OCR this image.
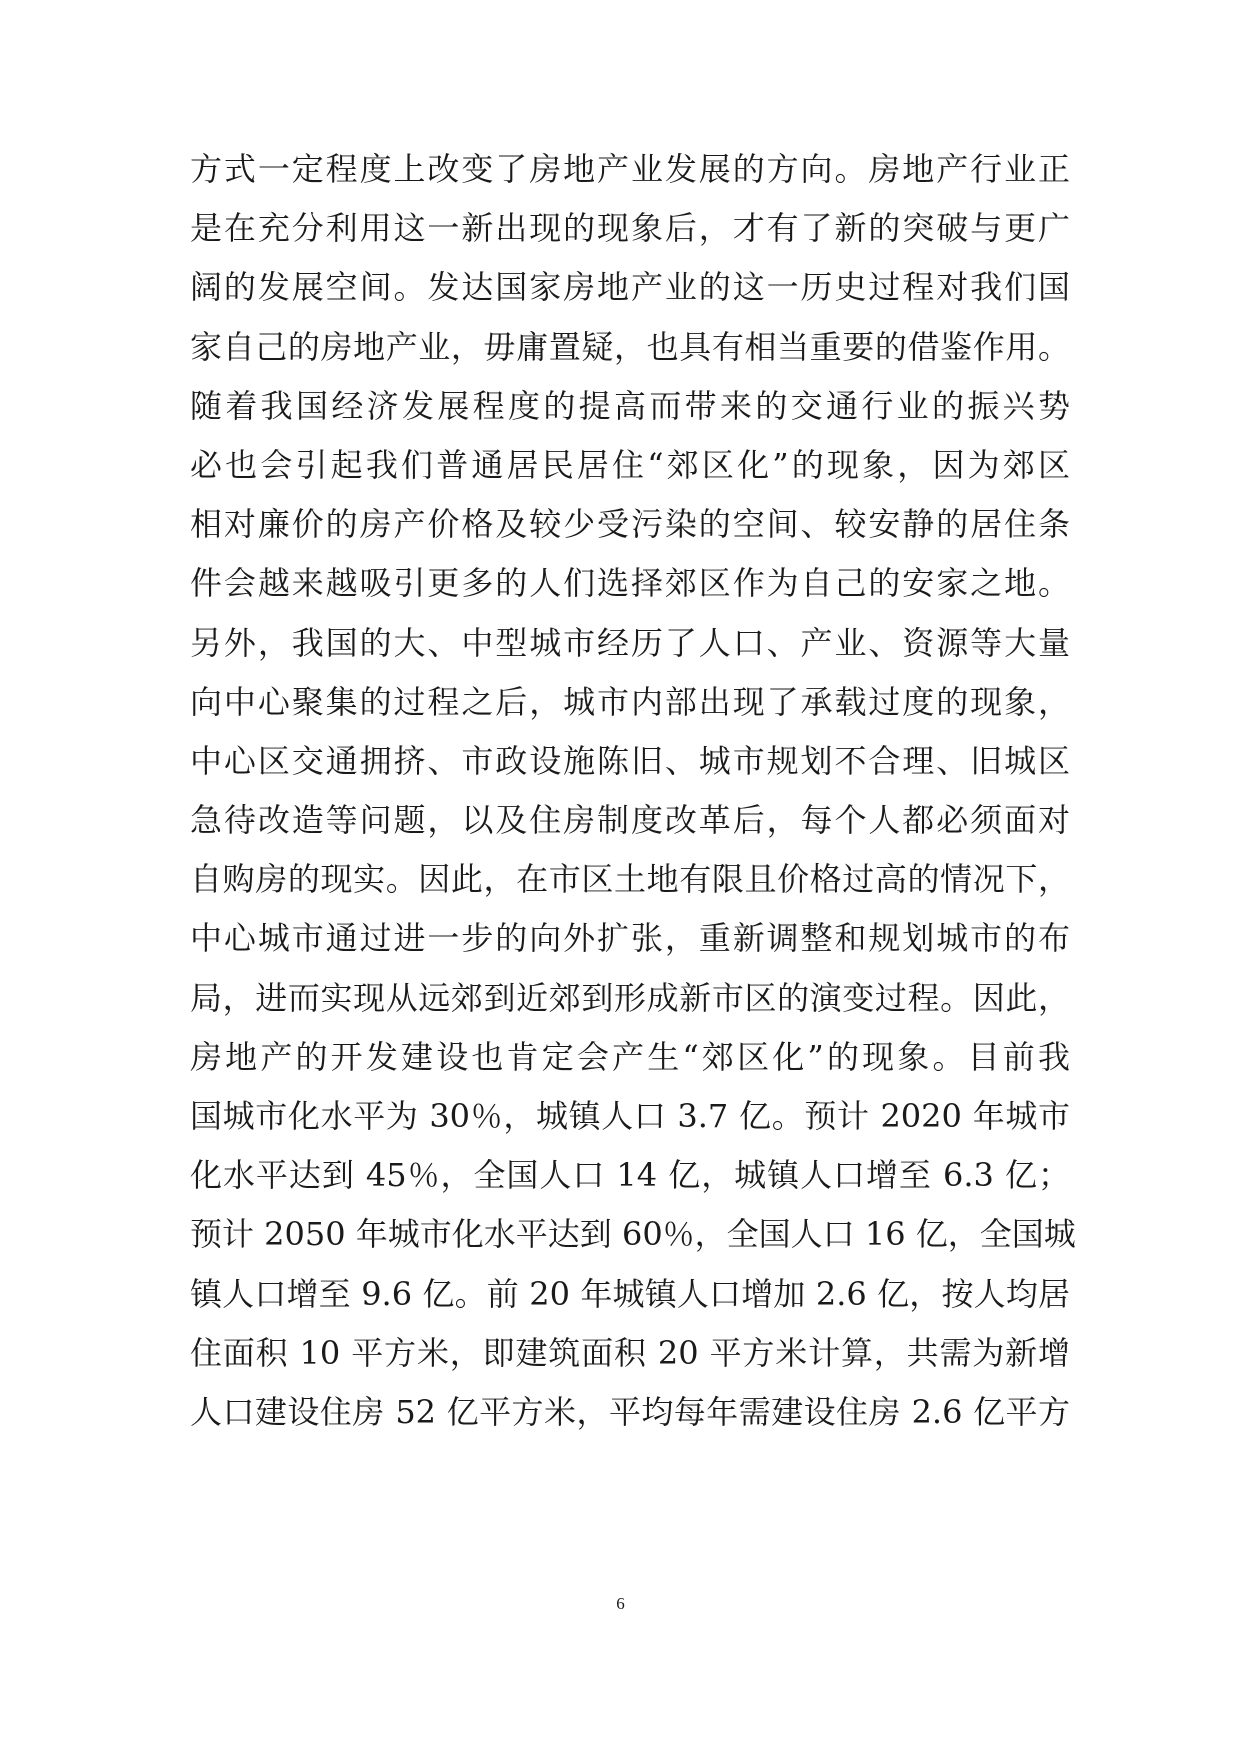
方式一定程度上改变了房地产业发展的方向。房地产行业正
是在充分利用这一新出现的现象后，才有了新的突破与更广
阔的发展空间。发达国家房地产业的这一历史过程对我们国
家自己的房地产业，毋庸置疑，也具有相当重要的借鉴作用。
随着我国经济发展程度的提高而带来的交通行业的振兴势
必也会引起我们普通居民居住“郊区化”的现象，因为郊区
相对廉价的房产价格及较少受污染的空间、较安静的居住条
件会越来越吸引更多的人们选择郊区作为自己的安家之地。
另外，我国的大、中型城市经历了人口、产业、资源等大量
向中心聚集的过程之后，城市内部出现了承载过度的现象，
中心区交通拥挤、市政设施陈旧、城市规划不合理、旧城区
急待改造等问题，以及住房制度改革后，每个人都必须面对
自购房的现实。因此，在市区土地有限且价格过高的情况下，
中心城市通过进一步的向外扩张，重新调整和规划城市的布
局，进而实现从远郊到近郊到形成新市区的演变过程。因此，
房地产的开发建设也肯定会产生“郊区化”的现象。目前我
国城市化水平为 30％，城镇人口 3.7 亿。预计 2020 年城市
化水平达到 45％，全国人口 14 亿，城镇人口增至 6.3 亿；
预计 2050 年城市化水平达到 60％，全国人口 16 亿，全国城
镇人口增至 9.6 亿。前 20 年城镇人口增加 2.6 亿，按人均居
住面积 10 平方米，即建筑面积 20 平方米计算，共需为新增
人口建设住房 52 亿平方米，平均每年需建设住房 2.6 亿平方
6
